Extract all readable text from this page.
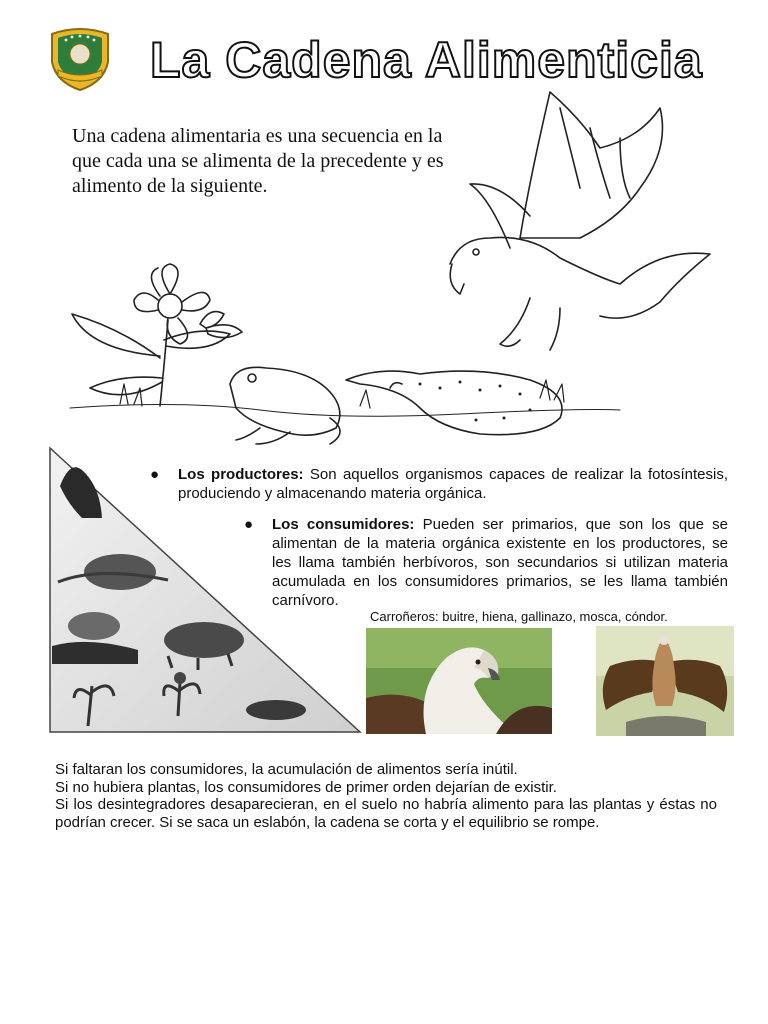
La Cadena Alimenticia
Una cadena alimentaria es una secuencia en la que cada una se alimenta de la precedente y es alimento de la siguiente.
● Los productores: Son aquellos organismos capaces de realizar la fotosíntesis, produciendo y almacenando materia orgánica.
● Los consumidores: Pueden ser primarios, que son los que se alimentan de la materia orgánica existente en los productores, se les llama también herbívoros, son secundarios si utilizan materia acumulada en los consumidores primarios, se les llama también carnívoro.
Carroñeros: buitre, hiena, gallinazo, mosca, cóndor.

Si faltaran los consumidores, la acumulación de alimentos sería inútil.

Si no hubiera plantas, los consumidores de primer orden dejarían de existir.

Si los desintegradores desaparecieran, en el suelo no habría alimento para las plantas y éstas no podrían crecer. Si se saca un eslabón, la cadena se corta y el equilibrio se rompe.
